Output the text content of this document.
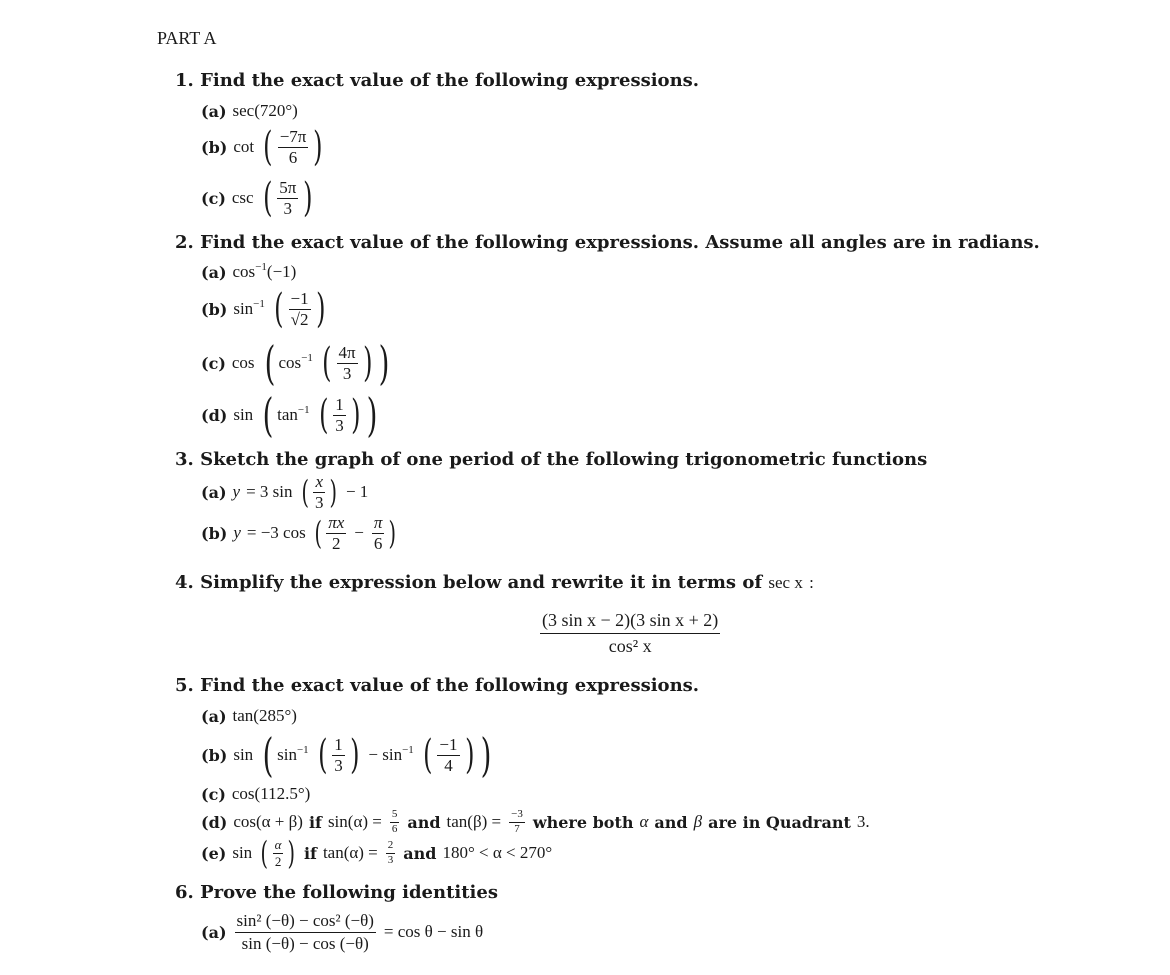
PART A
1. Find the exact value of the following expressions.
(a) sec(720°)
(b) cot ( $\frac{-7\pi}{6}$ )
(c) csc ( $\frac{5\pi}{3}$ )
2. Find the exact value of the following expressions. Assume all angles are in radians.
(a) $\cos^{-1}(-1)$
(b) $\sin^{-1}$ ( $\frac{-1}{√2}$ )
(c) cos ( $\cos^{-1}$ ( $\frac{4\pi}{3}$ ) )
(d) sin ( $\tan^{-1}$ ( $\frac{1}{3}$ ) )
3. Sketch the graph of one period of the following trigonometric functions
(a) y = 3 sin ( $\frac{x}{3}$ ) − 1
(b) y = −3 cos ( $\frac{\pi x}{2} - \frac{\pi}{6}$ )
4. Simplify the expression below and rewrite it in terms of sec x :
$\frac{\text{(3 sin x − 2)(3 sin x + 2)}}{\text{cos² x}}$
5. Find the exact value of the following expressions.
(a) tan(285°)
(b) sin ( $\sin^{-1}$ ( $\frac{1}{3}$ ) − $\sin^{-1}$ ( $\frac{-1}{4}$ ) )
(c) cos(112.5°)
(d) cos(α + β) if $\sin(\alpha) = \frac{5}{6}$ and $\tan(\beta) = \frac{-3}{7}$ where both α and β are in Quadrant 3.
(e) sin ( $\frac{\alpha}{2}$ ) if $\tan(\alpha) = \frac{2}{3}$ and 180° < α < 270°
6. Prove the following identities
$(a) \frac{\text{sin² (−θ) − cos² (−θ)}}{\sin (-\theta) - \cos (-\theta)} = \cos \theta - \sin \theta$
